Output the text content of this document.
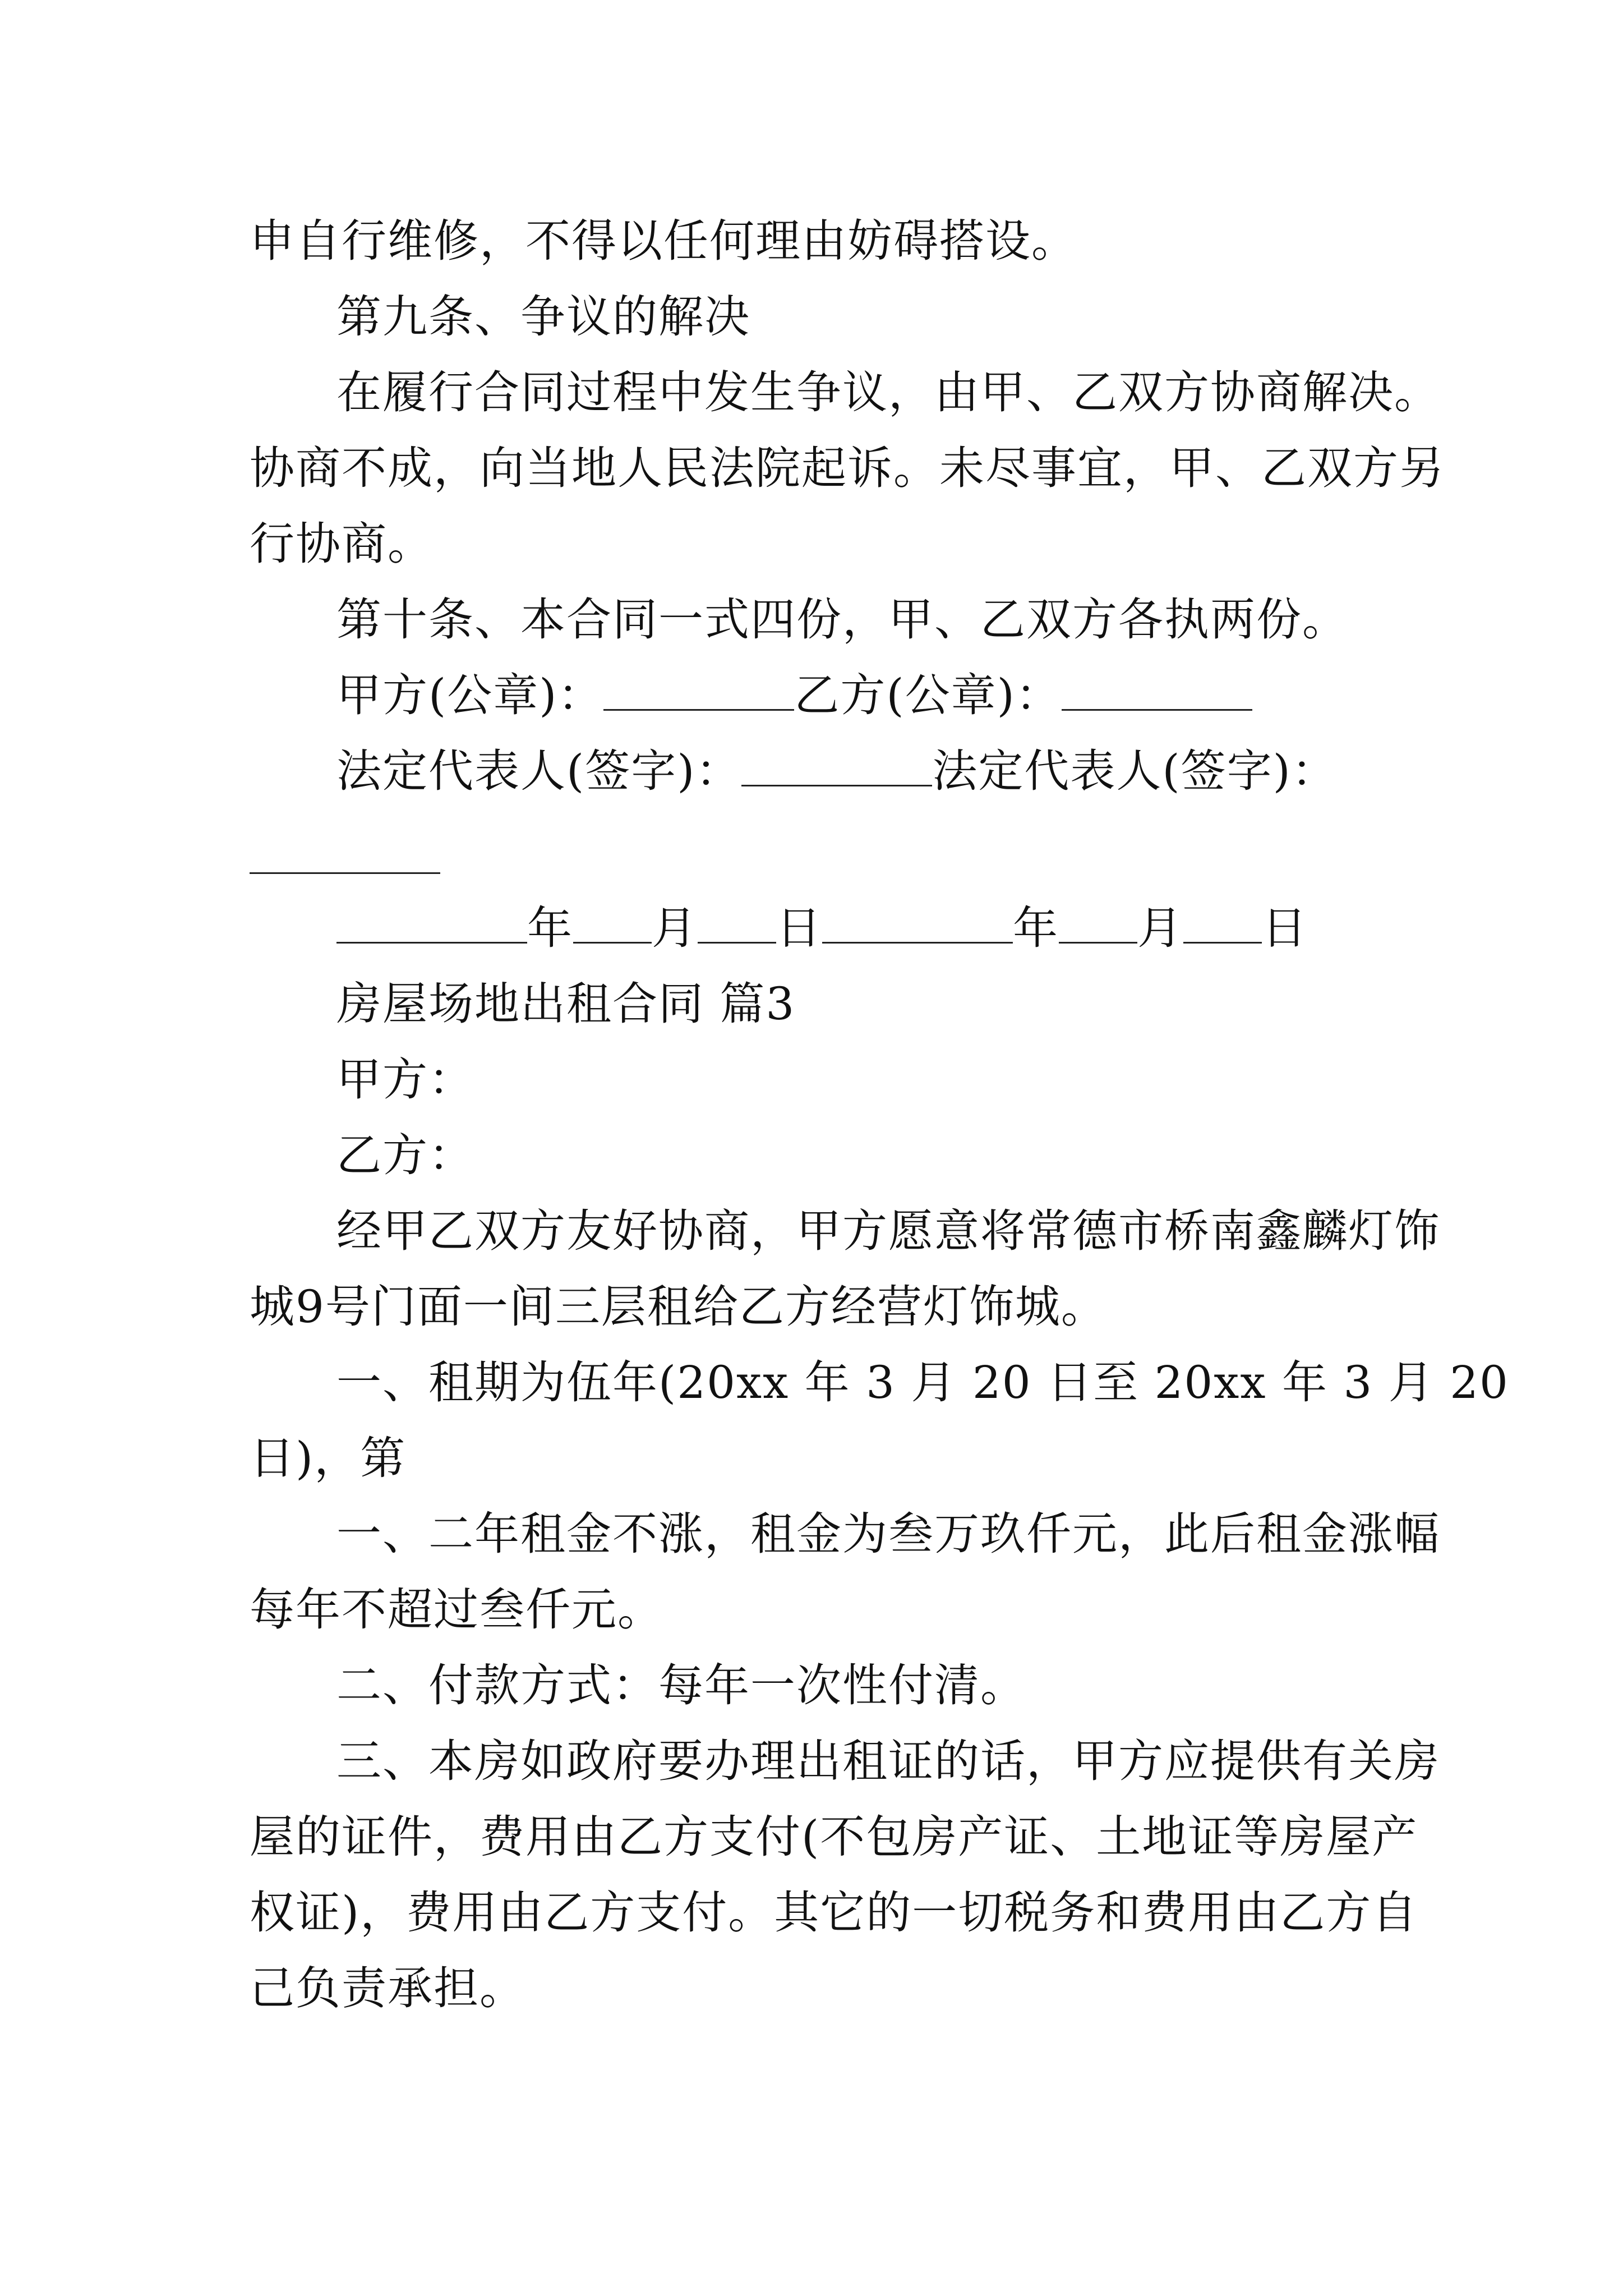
申自行维修，不得以任何理由妨碍搭设。

第九条、争议的解决

在履行合同过程中发生争议，由甲、乙双方协商解决。

协商不成，向当地人民法院起诉。未尽事宜，甲、乙双方另

行协商。

第十条、本合同一式四份，甲、乙双方各执两份。

甲方(公章)：	乙方(公章)：

法定代表人(签字)：	法定代表人(签字)：

年 月 日	年 月 日

房屋场地出租合同 篇3

甲方：

乙方：

经甲乙双方友好协商，甲方愿意将常德市桥南鑫麟灯饰

城9号门面一间三层租给乙方经营灯饰城。

一、租期为伍年(20xx 年 3 月 20 日至 20xx 年 3 月 20

日)，第

一、二年租金不涨，租金为叁万玖仟元，此后租金涨幅

每年不超过叁仟元。

二、付款方式：每年一次性付清。

三、本房如政府要办理出租证的话，甲方应提供有关房

屋的证件，费用由乙方支付(不包房产证、土地证等房屋产

权证)，费用由乙方支付。其它的一切税务和费用由乙方自

己负责承担。
